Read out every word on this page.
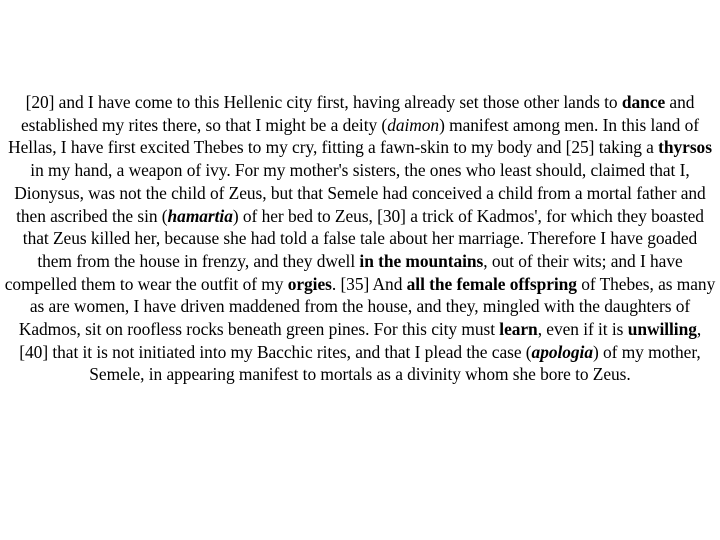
[20] and I have come to this Hellenic city first, having already set those other lands to dance and established my rites there, so that I might be a deity (daimon) manifest among men. In this land of Hellas, I have first excited Thebes to my cry, fitting a fawn-skin to my body and [25] taking a thyrsos in my hand, a weapon of ivy. For my mother's sisters, the ones who least should, claimed that I, Dionysus, was not the child of Zeus, but that Semele had conceived a child from a mortal father and then ascribed the sin (hamartia) of her bed to Zeus, [30] a trick of Kadmos', for which they boasted that Zeus killed her, because she had told a false tale about her marriage. Therefore I have goaded them from the house in frenzy, and they dwell in the mountains, out of their wits; and I have compelled them to wear the outfit of my orgies. [35] And all the female offspring of Thebes, as many as are women, I have driven maddened from the house, and they, mingled with the daughters of Kadmos, sit on roofless rocks beneath green pines. For this city must learn, even if it is unwilling, [40] that it is not initiated into my Bacchic rites, and that I plead the case (apologia) of my mother, Semele, in appearing manifest to mortals as a divinity whom she bore to Zeus.
